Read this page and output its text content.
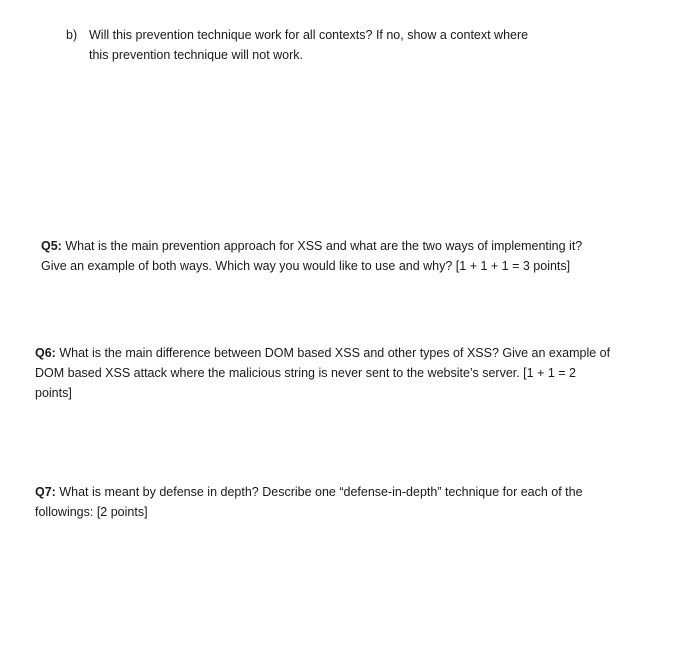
b) Will this prevention technique work for all contexts? If no, show a context where
this prevention technique will not work.
Q5: What is the main prevention approach for XSS and what are the two ways of implementing it?
Give an example of both ways. Which way you would like to use and why? [1 + 1 + 1 = 3 points]
Q6: What is the main difference between DOM based XSS and other types of XSS? Give an example of
DOM based XSS attack where the malicious string is never sent to the website’s server. [1 + 1 = 2
points]
Q7: What is meant by defense in depth? Describe one “defense-in-depth” technique for each of the
followings: [2 points]
